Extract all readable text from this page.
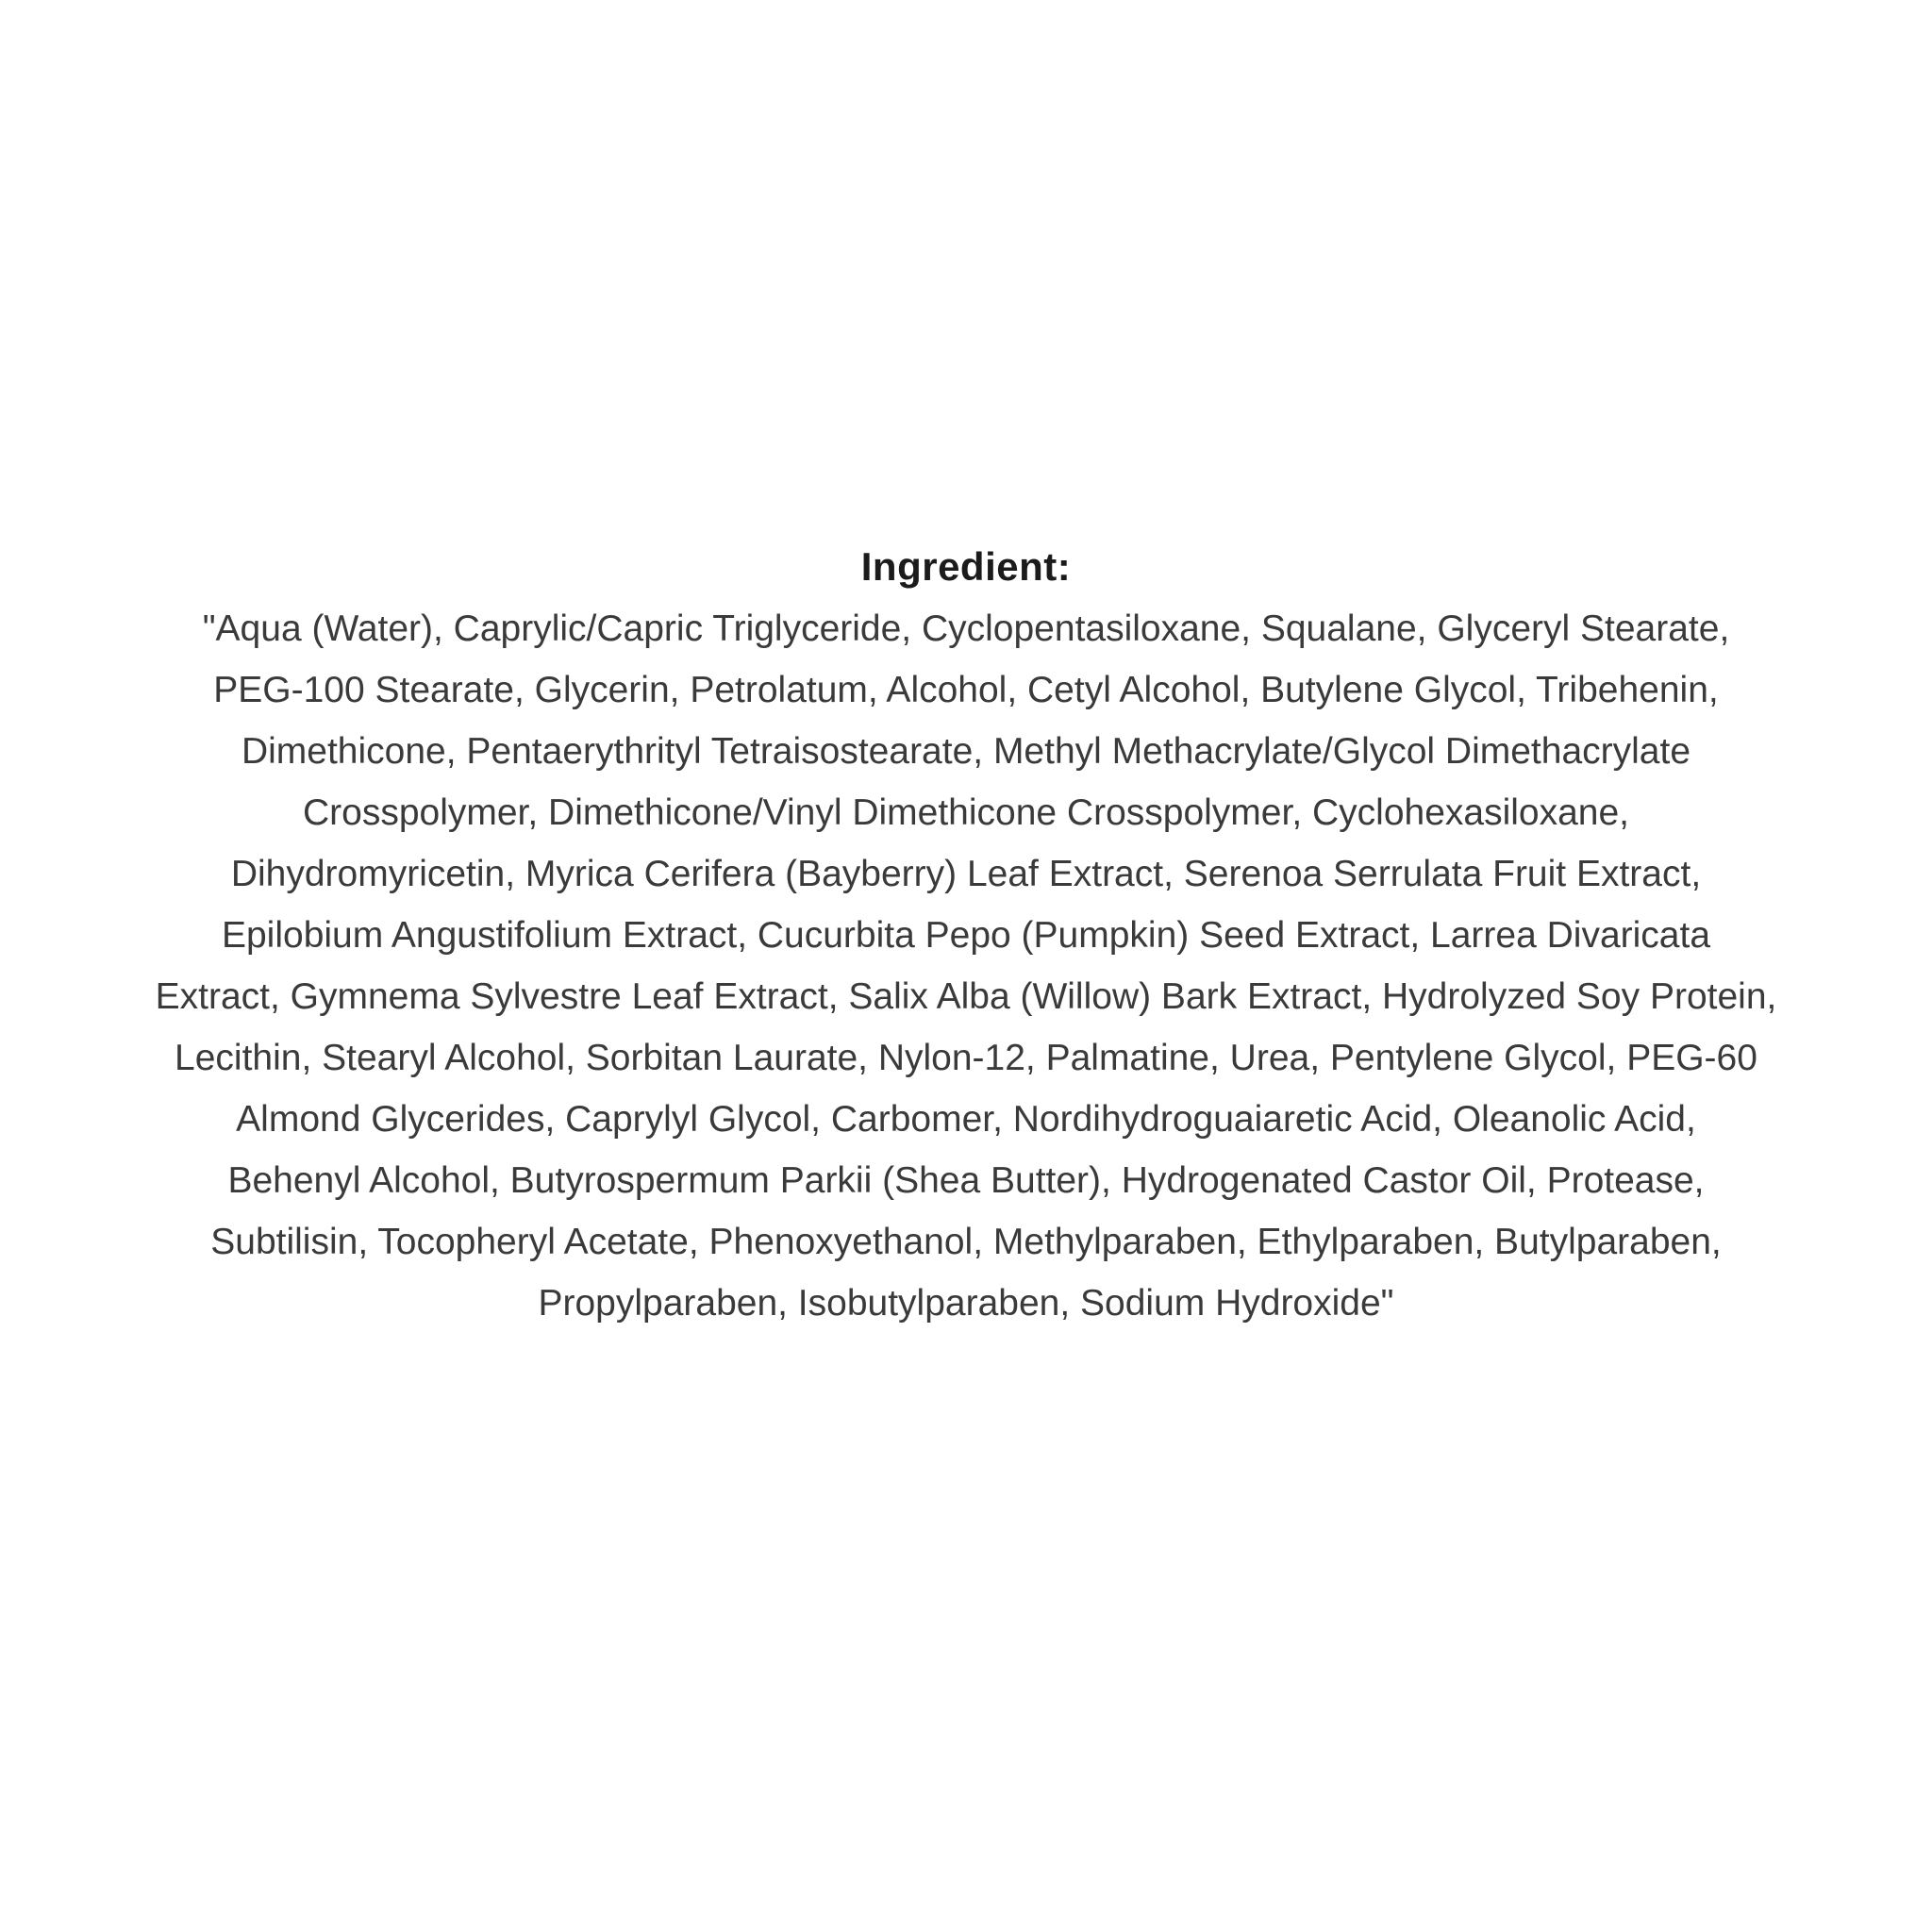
Ingredient:
"Aqua (Water), Caprylic/Capric Triglyceride, Cyclopentasiloxane, Squalane, Glyceryl Stearate,
PEG-100 Stearate, Glycerin, Petrolatum, Alcohol, Cetyl Alcohol, Butylene Glycol, Tribehenin,
Dimethicone, Pentaerythrityl Tetraisostearate, Methyl Methacrylate/Glycol Dimethacrylate
Crosspolymer, Dimethicone/Vinyl Dimethicone Crosspolymer, Cyclohexasiloxane,
Dihydromyricetin, Myrica Cerifera (Bayberry) Leaf Extract, Serenoa Serrulata Fruit Extract,
Epilobium Angustifolium Extract, Cucurbita Pepo (Pumpkin) Seed Extract, Larrea Divaricata
Extract, Gymnema Sylvestre Leaf Extract, Salix Alba (Willow) Bark Extract, Hydrolyzed Soy Protein,
Lecithin, Stearyl Alcohol, Sorbitan Laurate, Nylon-12, Palmatine, Urea, Pentylene Glycol, PEG-60
Almond Glycerides, Caprylyl Glycol, Carbomer, Nordihydroguaiaretic Acid, Oleanolic Acid,
Behenyl Alcohol, Butyrospermum Parkii (Shea Butter), Hydrogenated Castor Oil, Protease,
Subtilisin, Tocopheryl Acetate, Phenoxyethanol, Methylparaben, Ethylparaben, Butylparaben,
Propylparaben, Isobutylparaben, Sodium Hydroxide"
